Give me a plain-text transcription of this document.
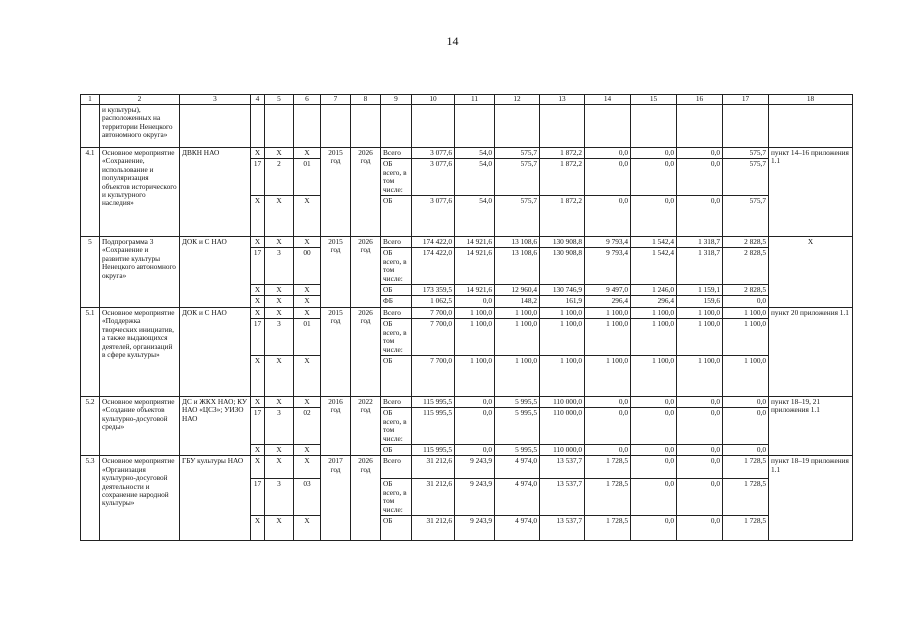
14
1	2	3	4	5	6	7	8	9	10	11	12	13	14	15	16	17	18
	и культуры), расположенных на территории Ненецкого автономного округа»																
4.1	Основное мероприятие «Сохранение, использование и популяризация объектов исторического и культурного наследия»	ДВКН НАО	Х	Х	Х	2015 год	2026 год	Всего	3 077,6	54,0	575,7	1 872,2	0,0	0,0	0,0	575,7	пункт 14–16 приложения 1.1
			17	2	01			ОБ всего, в том числе:	3 077,6	54,0	575,7	1 872,2	0,0	0,0	0,0	575,7	
			Х	Х	Х			ОБ	3 077,6	54,0	575,7	1 872,2	0,0	0,0	0,0	575,7	
5	Подпрограмма 3 «Сохранение и развитие культуры Ненецкого автономного округа»	ДОК и С НАО	Х	Х	Х	2015 год	2026 год	Всего	174 422,0	14 921,6	13 108,6	130 908,8	9 793,4	1 542,4	1 318,7	2 828,5	Х
			17	3	00			ОБ всего, в том числе:	174 422,0	14 921,6	13 108,6	130 908,8	9 793,4	1 542,4	1 318,7	2 828,5	
			Х	Х	Х			ОБ	173 359,5	14 921,6	12 960,4	130 746,9	9 497,0	1 246,0	1 159,1	2 828,5	
			Х	Х	Х			ФБ	1 062,5	0,0	148,2	161,9	296,4	296,4	159,6	0,0	
5.1	Основное мероприятие «Поддержка творческих инициатив, а также выдающихся деятелей, организаций в сфере культуры»	ДОК и С НАО	Х	Х	Х	2015 год	2026 год	Всего	7 700,0	1 100,0	1 100,0	1 100,0	1 100,0	1 100,0	1 100,0	1 100,0	пункт 20 приложения 1.1
			17	3	01			ОБ всего, в том числе:	7 700,0	1 100,0	1 100,0	1 100,0	1 100,0	1 100,0	1 100,0	1 100,0	
			Х	Х	Х			ОБ	7 700,0	1 100,0	1 100,0	1 100,0	1 100,0	1 100,0	1 100,0	1 100,0	
5.2	Основное мероприятие «Создание объектов культурно-досуговой среды»	ДС и ЖКХ НАО; КУ НАО «ЦСЗ»; УИЗО НАО	Х	Х	Х	2016 год	2022 год	Всего	115 995,5	0,0	5 995,5	110 000,0	0,0	0,0	0,0	0,0	пункт 18–19, 21 приложения 1.1
			17	3	02			ОБ всего, в том числе:	115 995,5	0,0	5 995,5	110 000,0	0,0	0,0	0,0	0,0	
			Х	Х	Х			ОБ	115 995,5	0,0	5 995,5	110 000,0	0,0	0,0	0,0	0,0	
5.3	Основное мероприятие «Организация культурно-досуговой деятельности и сохранение народной культуры»	ГБУ культуры НАО	Х	Х	Х	2017 год	2026 год	Всего	31 212,6	9 243,9	4 974,0	13 537,7	1 728,5	0,0	0,0	1 728,5	пункт 18–19 приложения 1.1
			17	3	03			ОБ всего, в том числе:	31 212,6	9 243,9	4 974,0	13 537,7	1 728,5	0,0	0,0	1 728,5	
			Х	Х	Х			ОБ	31 212,6	9 243,9	4 974,0	13 537,7	1 728,5	0,0	0,0	1 728,5	
